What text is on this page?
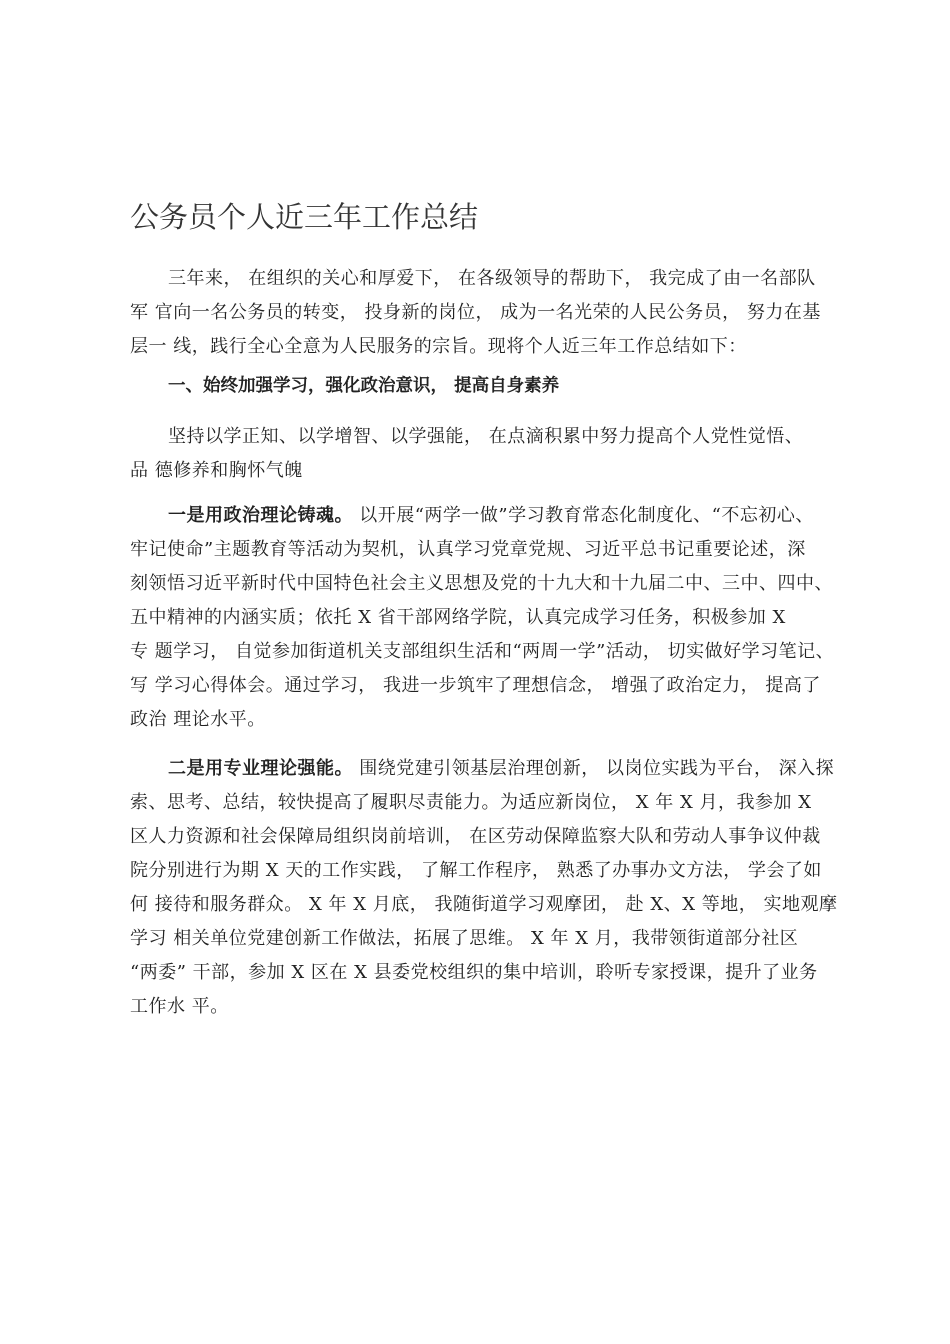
公务员个人近三年工作总结

三年来， 在组织的关心和厚爱下， 在各级领导的帮助下， 我完成了由一名部队
军 官向一名公务员的转变， 投身新的岗位， 成为一名光荣的人民公务员， 努力在基
层一 线，践行全心全意为人民服务的宗旨。现将个人近三年工作总结如下：

一、始终加强学习，强化政治意识， 提高自身素养

坚持以学正知、以学增智、以学强能， 在点滴积累中努力提高个人党性觉悟、
品 德修养和胸怀气魄

一是用政治理论铸魂。 以开展“两学一做”学习教育常态化制度化、“不忘初心、
牢记使命”主题教育等活动为契机，认真学习党章党规、习近平总书记重要论述，深
刻领悟习近平新时代中国特色社会主义思想及党的十九大和十九届二中、三中、四中、
五中精神的内涵实质；依托 X 省干部网络学院，认真完成学习任务，积极参加 X
专 题学习， 自觉参加街道机关支部组织生活和“两周一学”活动， 切实做好学习笔记、
写 学习心得体会。通过学习， 我进一步筑牢了理想信念， 增强了政治定力， 提高了
政治 理论水平。

二是用专业理论强能。 围绕党建引领基层治理创新， 以岗位实践为平台， 深入探
索、思考、总结，较快提高了履职尽责能力。为适应新岗位， X 年 X 月，我参加 X
区人力资源和社会保障局组织岗前培训， 在区劳动保障监察大队和劳动人事争议仲裁
院分别进行为期 X 天的工作实践， 了解工作程序， 熟悉了办事办文方法， 学会了如
何 接待和服务群众。 X 年 X 月底， 我随街道学习观摩团， 赴 X、X 等地， 实地观摩
学习 相关单位党建创新工作做法，拓展了思维。 X 年 X 月，我带领街道部分社区
“两委” 干部，参加 X 区在 X 县委党校组织的集中培训，聆听专家授课，提升了业务
工作水 平。
